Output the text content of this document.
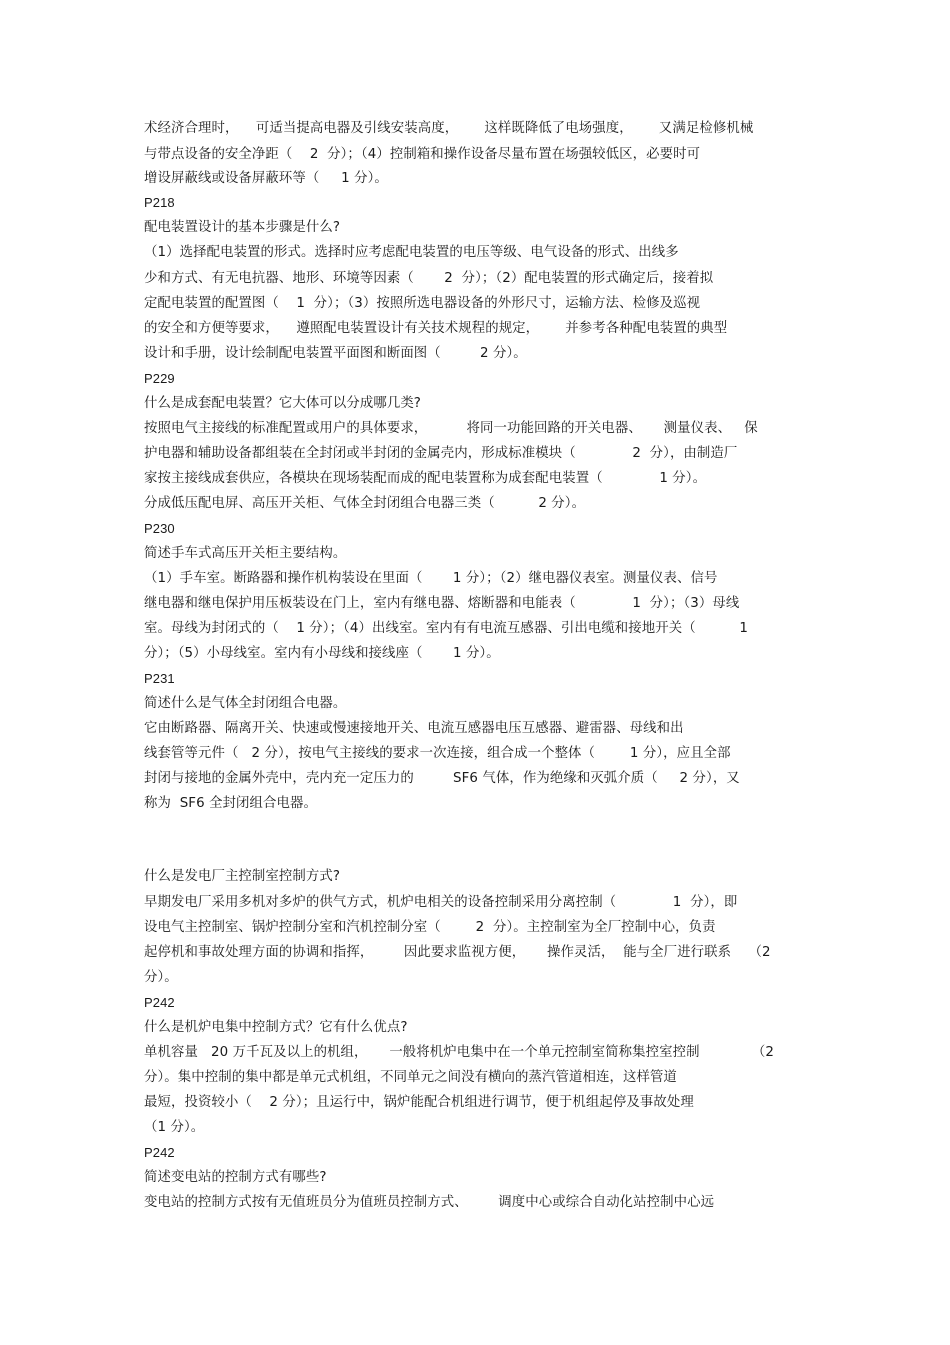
术经济合理时，    可适当提高电器及引线安装高度，      这样既降低了电场强度，      又满足检修机械
与带点设备的安全净距（    2  分）；（4）控制箱和操作设备尽量布置在场强较低区，必要时可
增设屏蔽线或设备屏蔽环等（     1 分）。
P218
配电装置设计的基本步骤是什么?
（1）选择配电装置的形式。选择时应考虑配电装置的电压等级、电气设备的形式、出线多
少和方式、有无电抗器、地形、环境等因素（       2  分）；（2）配电装置的形式确定后，接着拟
定配电装置的配置图（    1  分）；（3）按照所选电器设备的外形尺寸，运输方法、检修及巡视
的安全和方便等要求，    遵照配电装置设计有关技术规程的规定，      并参考各种配电装置的典型
设计和手册，设计绘制配电装置平面图和断面图（         2 分）。
P229
什么是成套配电装置？它大体可以分成哪几类?
按照电气主接线的标准配置或用户的具体要求，         将同一功能回路的开关电器、     测量仪表、   保
护电器和辅助设备都组装在全封闭或半封闭的金属壳内，形成标准模块（             2  分），由制造厂
家按主接线成套供应，各模块在现场装配而成的配电装置称为成套配电装置（             1 分）。
分成低压配电屏、高压开关柜、气体全封闭组合电器三类（          2 分）。
P230
简述手车式高压开关柜主要结构。
（1）手车室。断路器和操作机构装设在里面（       1 分）；（2）继电器仪表室。测量仪表、信号
继电器和继电保护用压板装设在门上，室内有继电器、熔断器和电能表（             1  分）；（3）母线
室。母线为封闭式的（    1 分）；（4）出线室。室内有有电流互感器、引出电缆和接地开关（          1
分）；（5）小母线室。室内有小母线和接线座（       1 分）。
P231
简述什么是气体全封闭组合电器。
它由断路器、隔离开关、快速或慢速接地开关、电流互感器电压互感器、避雷器、母线和出
线套管等元件（   2 分），按电气主接线的要求一次连接，组合成一个整体（        1 分），应且全部
封闭与接地的金属外壳中，壳内充一定压力的         SF6 气体，作为绝缘和灭弧介质（     2 分），又
称为  SF6 全封闭组合电器。
什么是发电厂主控制室控制方式?
早期发电厂采用多机对多炉的供气方式，机炉电相关的设备控制采用分离控制（             1  分），即
设电气主控制室、锅炉控制分室和汽机控制分室（        2  分）。主控制室为全厂控制中心，负责
起停机和事故处理方面的协调和指挥，       因此要求监视方便，     操作灵活，  能与全厂进行联系    （2
分）。
P242
什么是机炉电集中控制方式？它有什么优点?
单机容量   20 万千瓦及以上的机组，     一般将机炉电集中在一个单元控制室简称集控室控制            （2
分）。集中控制的集中都是单元式机组，不同单元之间没有横向的蒸汽管道相连，这样管道
最短，投资较小（    2 分）；且运行中，锅炉能配合机组进行调节，便于机组起停及事故处理
（1 分）。
P242
简述变电站的控制方式有哪些?
变电站的控制方式按有无值班员分为值班员控制方式、       调度中心或综合自动化站控制中心远
